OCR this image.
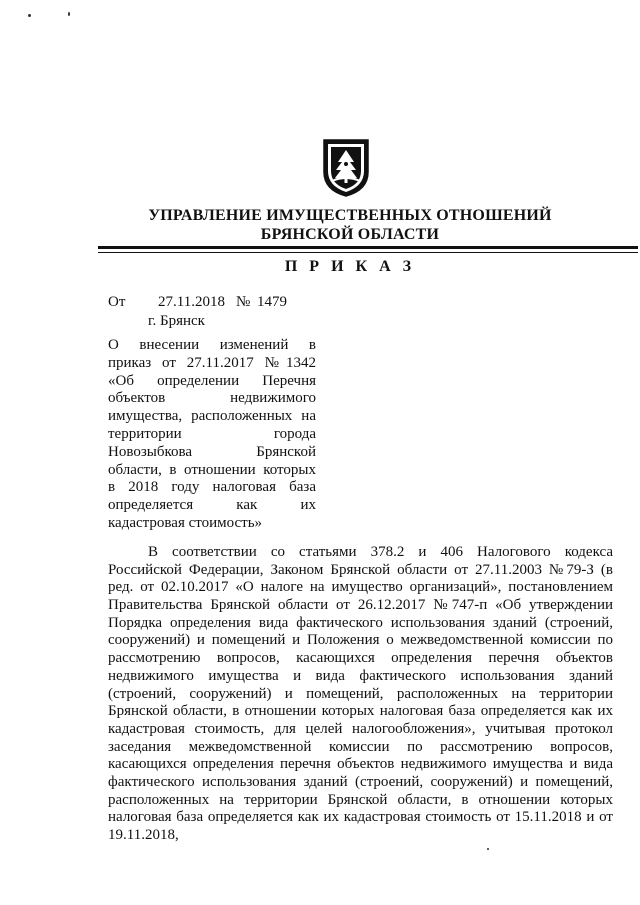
УПРАВЛЕНИЕ ИМУЩЕСТВЕННЫХ ОТНОШЕНИЙ
БРЯНСКОЙ ОБЛАСТИ
П Р И К А З
От 27.11.2018 № 1479
г. Брянск
О внесении изменений в
приказ от 27.11.2017 №1342
«Об определении Перечня
объектов недвижимого
имущества, расположенных на
территории города
Новозыбкова Брянской
области, в отношении которых
в 2018 году налоговая база
определяется как их
кадастровая стоимость»
В соответствии со статьями 378.2 и 406 Налогового кодекса
Российской Федерации, Законом Брянской области от 27.11.2003 №79-З (в
ред. от 02.10.2017 «О налоге на имущество организаций», постановлением
Правительства Брянской области от 26.12.2017 №747-п «Об утверждении
Порядка определения вида фактического использования зданий (строений,
сооружений) и помещений и Положения о межведомственной комиссии по
рассмотрению вопросов, касающихся определения перечня объектов
недвижимого имущества и вида фактического использования зданий
(строений, сооружений) и помещений, расположенных на территории
Брянской области, в отношении которых налоговая база определяется как их
кадастровая стоимость, для целей налогообложения», учитывая протокол
заседания межведомственной комиссии по рассмотрению вопросов,
касающихся определения перечня объектов недвижимого имущества и вида
фактического использования зданий (строений, сооружений) и помещений,
расположенных на территории Брянской области, в отношении которых
налоговая база определяется как их кадастровая стоимость от 15.11.2018 и от
19.11.2018,
